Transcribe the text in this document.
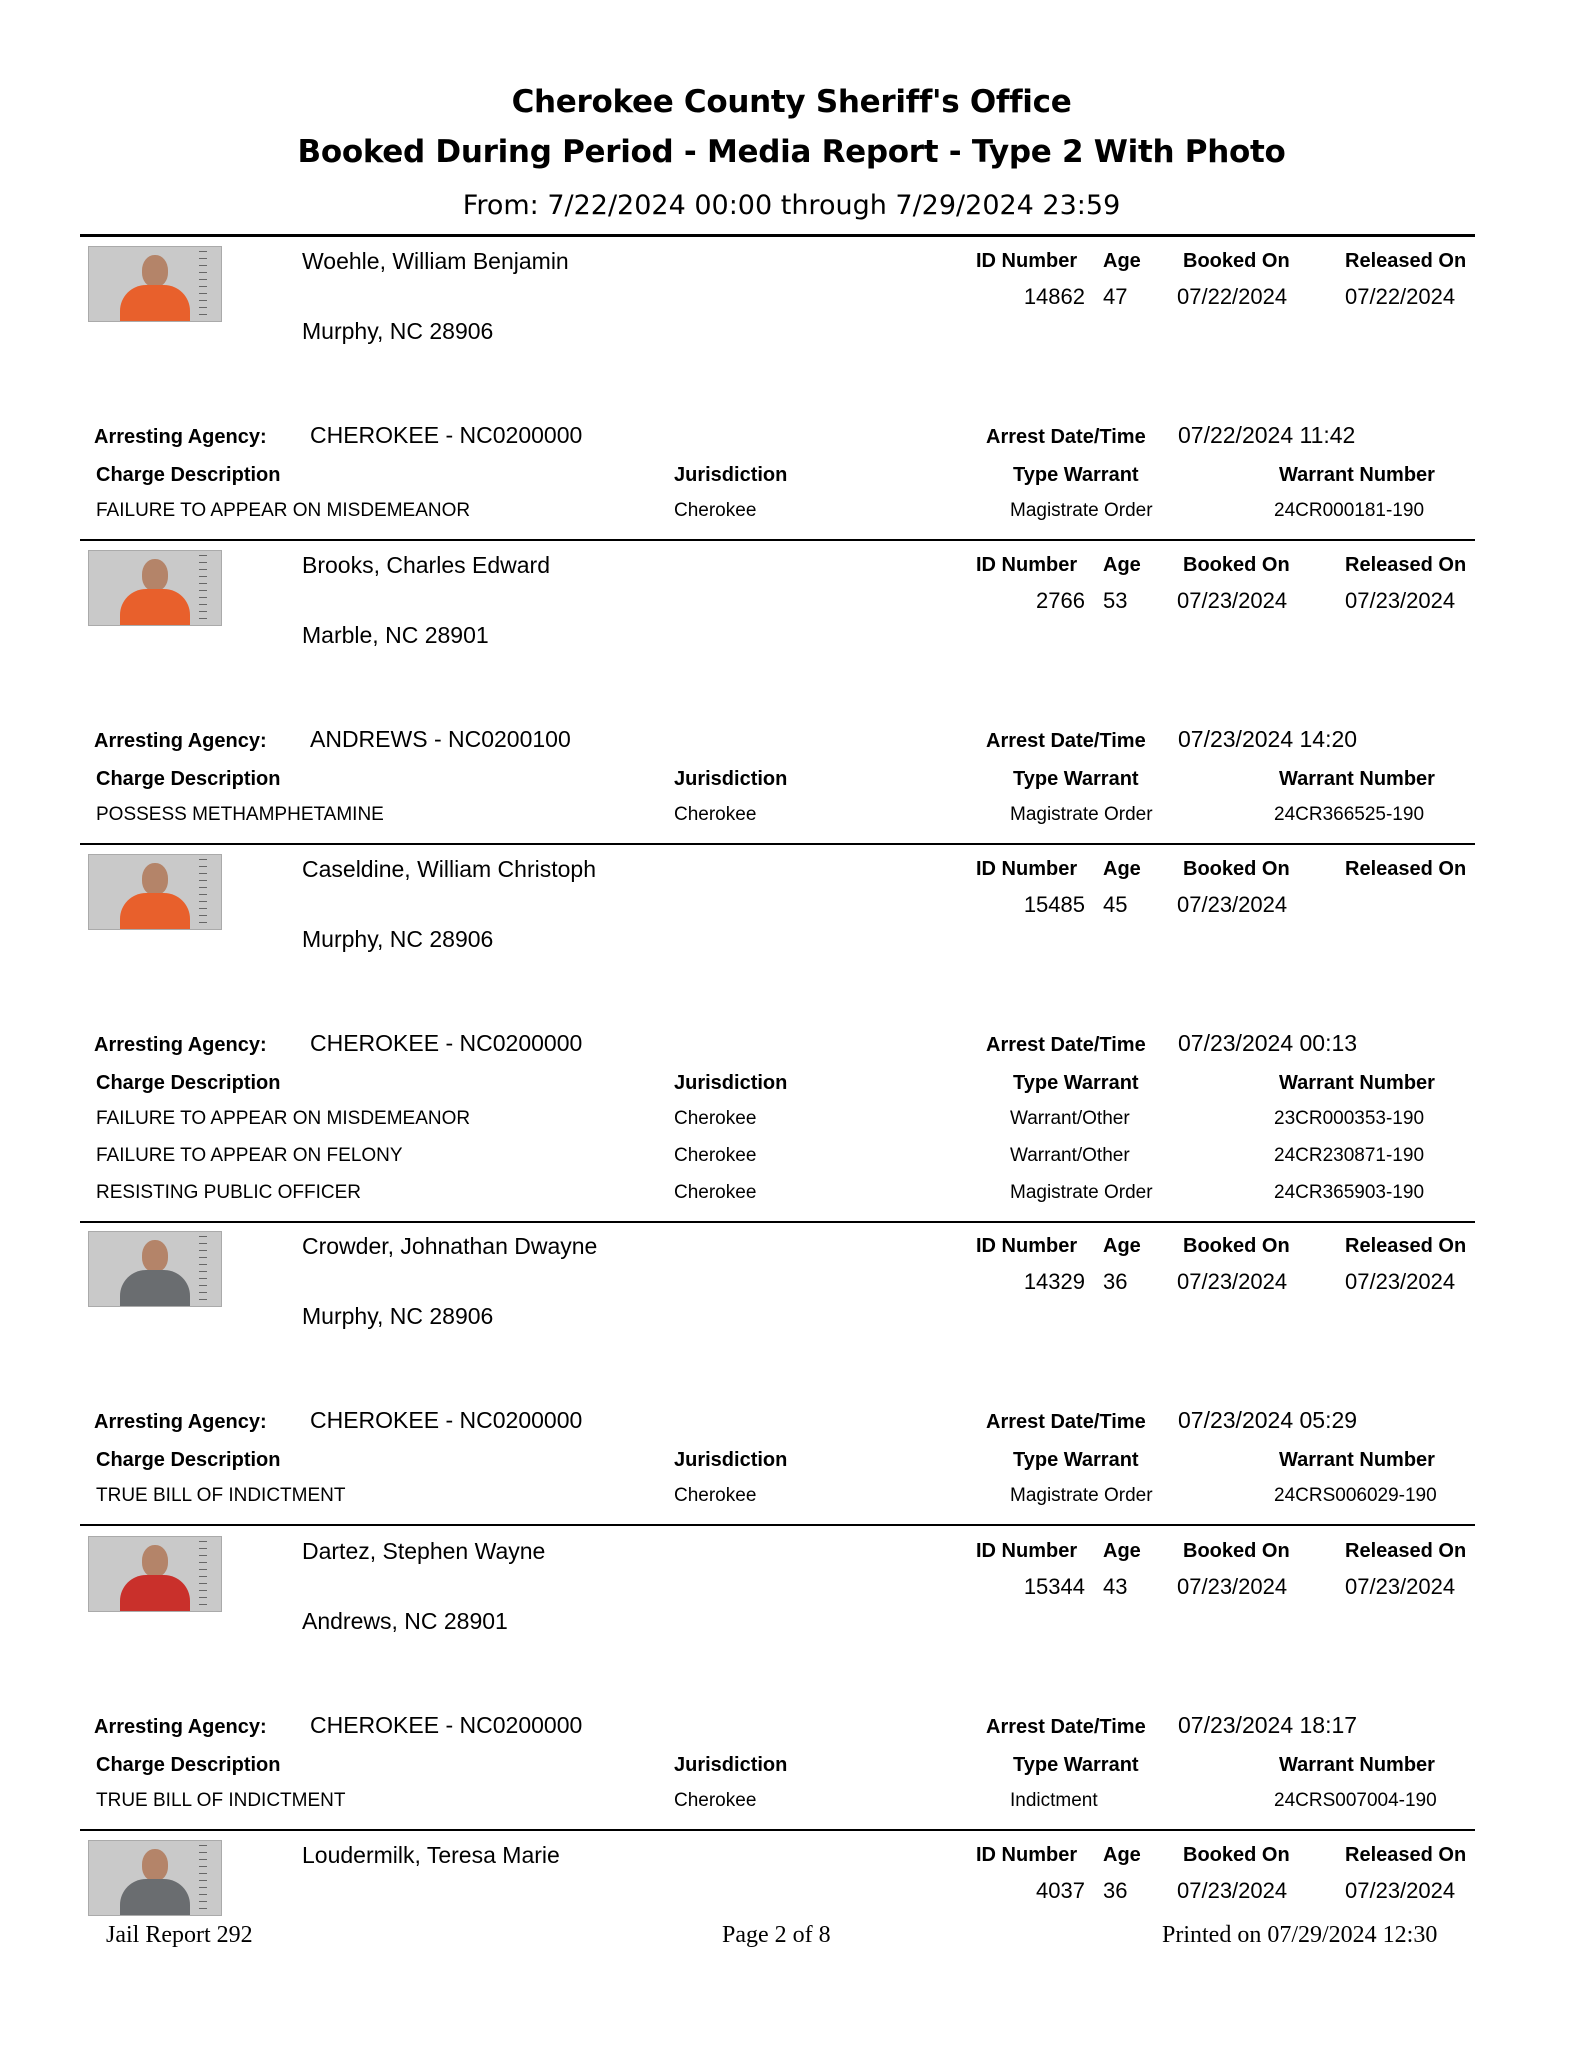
Cherokee County Sheriff's Office
Booked During Period - Media Report - Type 2 With Photo
From: 7/22/2024 00:00 through 7/29/2024 23:59
Woehle, William Benjamin
Murphy, NC 28906
ID Number Age Booked On	Released On
14862 47 07/22/2024	07/22/2024
Arresting Agency: CHEROKEE - NC0200000	Arrest Date/Time 07/22/2024 11:42
Charge Description	Jurisdiction	Type Warrant	Warrant Number
FAILURE TO APPEAR ON MISDEMEANOR	Cherokee	Magistrate Order	24CR000181-190
Brooks, Charles Edward
Marble, NC 28901
ID Number Age Booked On	Released On
2766 53 07/23/2024	07/23/2024
Arresting Agency: ANDREWS - NC0200100	Arrest Date/Time 07/23/2024 14:20
Charge Description	Jurisdiction	Type Warrant	Warrant Number
POSSESS METHAMPHETAMINE	Cherokee	Magistrate Order	24CR366525-190
Caseldine, William Christoph
Murphy, NC 28906
ID Number Age Booked On	Released On
15485 45 07/23/2024
Arresting Agency: CHEROKEE - NC0200000	Arrest Date/Time 07/23/2024 00:13
Charge Description	Jurisdiction	Type Warrant	Warrant Number
FAILURE TO APPEAR ON MISDEMEANOR	Cherokee	Warrant/Other	23CR000353-190
FAILURE TO APPEAR ON FELONY	Cherokee	Warrant/Other	24CR230871-190
RESISTING PUBLIC OFFICER	Cherokee	Magistrate Order	24CR365903-190
Crowder, Johnathan Dwayne
Murphy, NC 28906
ID Number Age Booked On	Released On
14329 36 07/23/2024	07/23/2024
Arresting Agency: CHEROKEE - NC0200000	Arrest Date/Time 07/23/2024 05:29
Charge Description	Jurisdiction	Type Warrant	Warrant Number
TRUE BILL OF INDICTMENT	Cherokee	Magistrate Order	24CRS006029-190
Dartez, Stephen Wayne
Andrews, NC 28901
ID Number Age Booked On	Released On
15344 43 07/23/2024	07/23/2024
Arresting Agency: CHEROKEE - NC0200000	Arrest Date/Time 07/23/2024 18:17
Charge Description	Jurisdiction	Type Warrant	Warrant Number
TRUE BILL OF INDICTMENT	Cherokee	Indictment	24CRS007004-190
Loudermilk, Teresa Marie	ID Number Age Booked On	Released On
4037 36 07/23/2024	07/23/2024
Jail Report 292	Page 2 of 8	Printed on 07/29/2024 12:30
